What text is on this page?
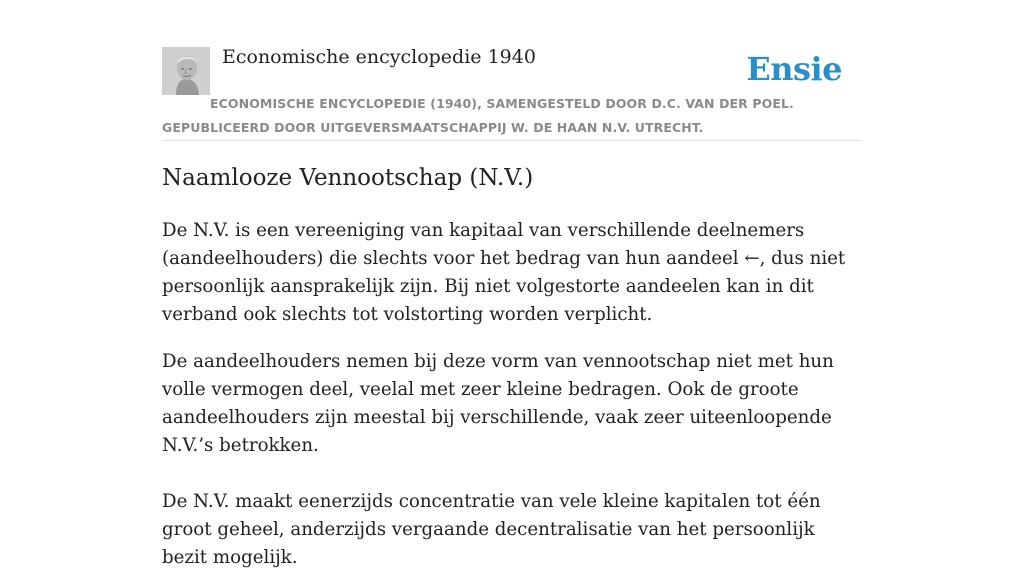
Economische encyclopedie 1940	Ensie
ECONOMISCHE ENCYCLOPEDIE (1940), SAMENGESTELD DOOR D.C. VAN DER POEL. GEPUBLICEERD DOOR UITGEVERSMAATSCHAPPIJ W. DE HAAN N.V. UTRECHT.
Naamlooze Vennootschap (N.V.)

De N.V. is een vereeniging van kapitaal van verschillende deelnemers (aandeelhouders) die slechts voor het bedrag van hun aandeel ←, dus niet persoonlijk aansprakelijk zijn. Bij niet volgestorte aandeelen kan in dit verband ook slechts tot volstorting worden verplicht.

De aandeelhouders nemen bij deze vorm van vennootschap niet met hun volle vermogen deel, veelal met zeer kleine bedragen. Ook de groote aandeelhouders zijn meestal bij verschillende, vaak zeer uiteenloopende N.V.’s betrokken.

De N.V. maakt eenerzijds concentratie van vele kleine kapitalen tot één groot geheel, anderzijds vergaande decentralisatie van het persoonlijk bezit mogelijk.
